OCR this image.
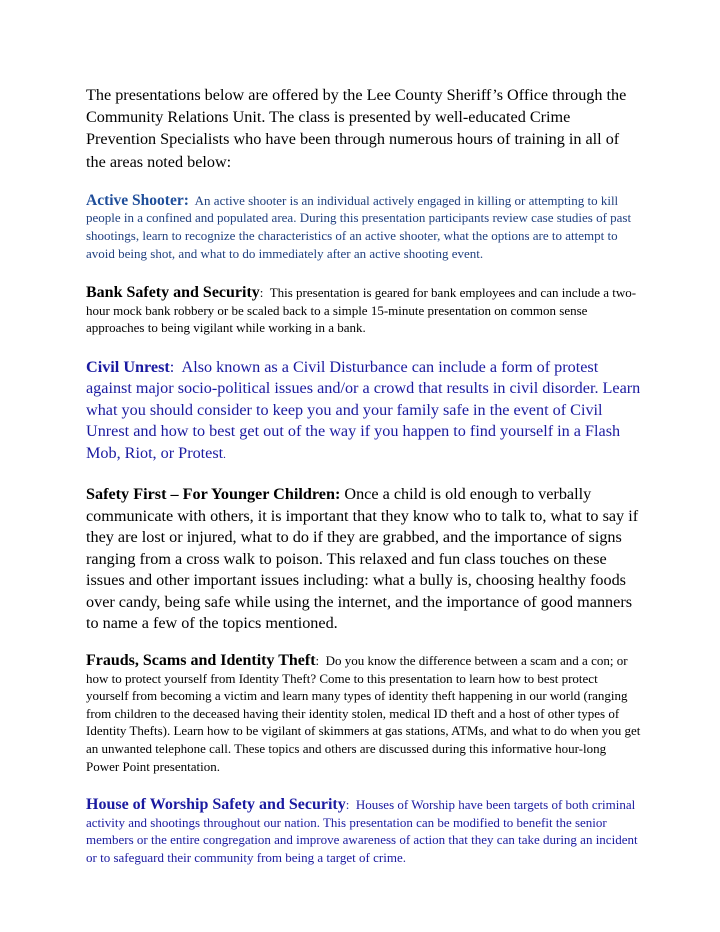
The presentations below are offered by the Lee County Sheriff’s Office through the Community Relations Unit. The class is presented by well-educated Crime Prevention Specialists who have been through numerous hours of training in all of the areas noted below:

Active Shooter: An active shooter is an individual actively engaged in killing or attempting to kill people in a confined and populated area. During this presentation participants review case studies of past shootings, learn to recognize the characteristics of an active shooter, what the options are to attempt to avoid being shot, and what to do immediately after an active shooting event.

Bank Safety and Security: This presentation is geared for bank employees and can include a two-hour mock bank robbery or be scaled back to a simple 15-minute presentation on common sense approaches to being vigilant while working in a bank.

Civil Unrest: Also known as a Civil Disturbance can include a form of protest against major socio-political issues and/or a crowd that results in civil disorder. Learn what you should consider to keep you and your family safe in the event of Civil Unrest and how to best get out of the way if you happen to find yourself in a Flash Mob, Riot, or Protest.

Safety First – For Younger Children: Once a child is old enough to verbally communicate with others, it is important that they know who to talk to, what to say if they are lost or injured, what to do if they are grabbed, and the importance of signs ranging from a cross walk to poison. This relaxed and fun class touches on these issues and other important issues including: what a bully is, choosing healthy foods over candy, being safe while using the internet, and the importance of good manners to name a few of the topics mentioned.

Frauds, Scams and Identity Theft: Do you know the difference between a scam and a con; or how to protect yourself from Identity Theft? Come to this presentation to learn how to best protect yourself from becoming a victim and learn many types of identity theft happening in our world (ranging from children to the deceased having their identity stolen, medical ID theft and a host of other types of Identity Thefts). Learn how to be vigilant of skimmers at gas stations, ATMs, and what to do when you get an unwanted telephone call. These topics and others are discussed during this informative hour-long Power Point presentation.

House of Worship Safety and Security: Houses of Worship have been targets of both criminal activity and shootings throughout our nation. This presentation can be modified to benefit the senior members or the entire congregation and improve awareness of action that they can take during an incident or to safeguard their community from being a target of crime.
